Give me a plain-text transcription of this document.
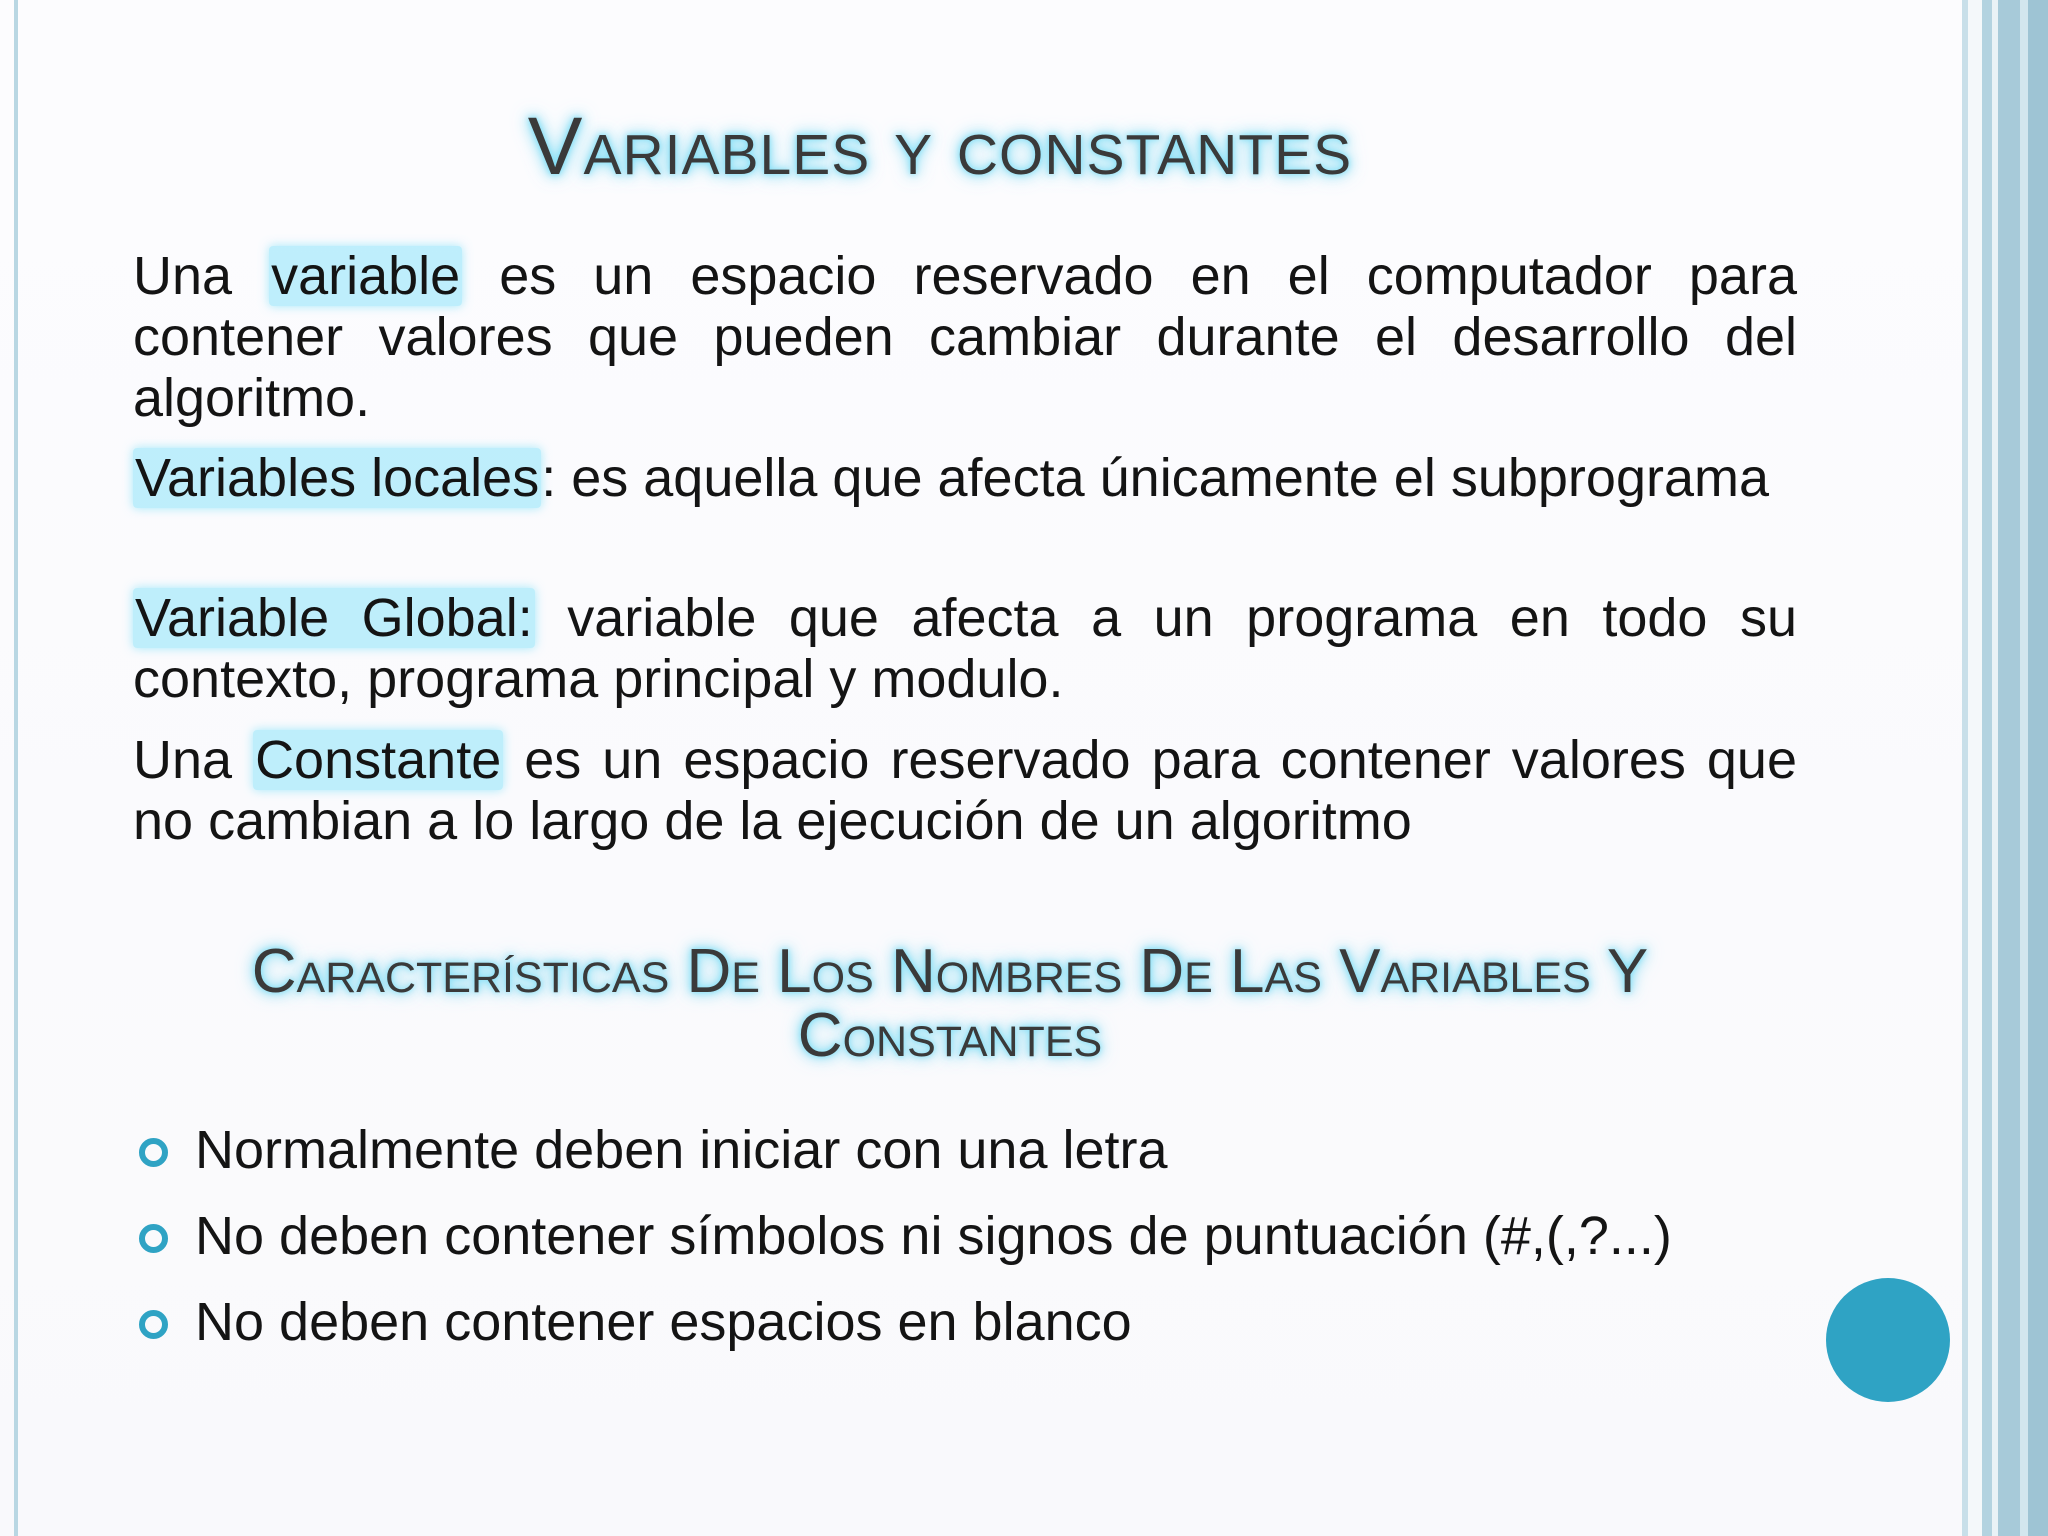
Variables y constantes
Una variable es un espacio reservado en el computador para contener valores que pueden cambiar durante el desarrollo del algoritmo.
Variables locales: es aquella que afecta únicamente el subprograma
Variable Global: variable que afecta a un programa en todo su contexto, programa principal y modulo.
Una Constante es un espacio reservado para contener valores que no cambian a lo largo de la ejecución de un algoritmo
Características De Los Nombres De Las Variables Y
Constantes
Normalmente deben iniciar con una letra
No deben contener símbolos ni signos de puntuación (#,(,?...)
No deben contener espacios en blanco
